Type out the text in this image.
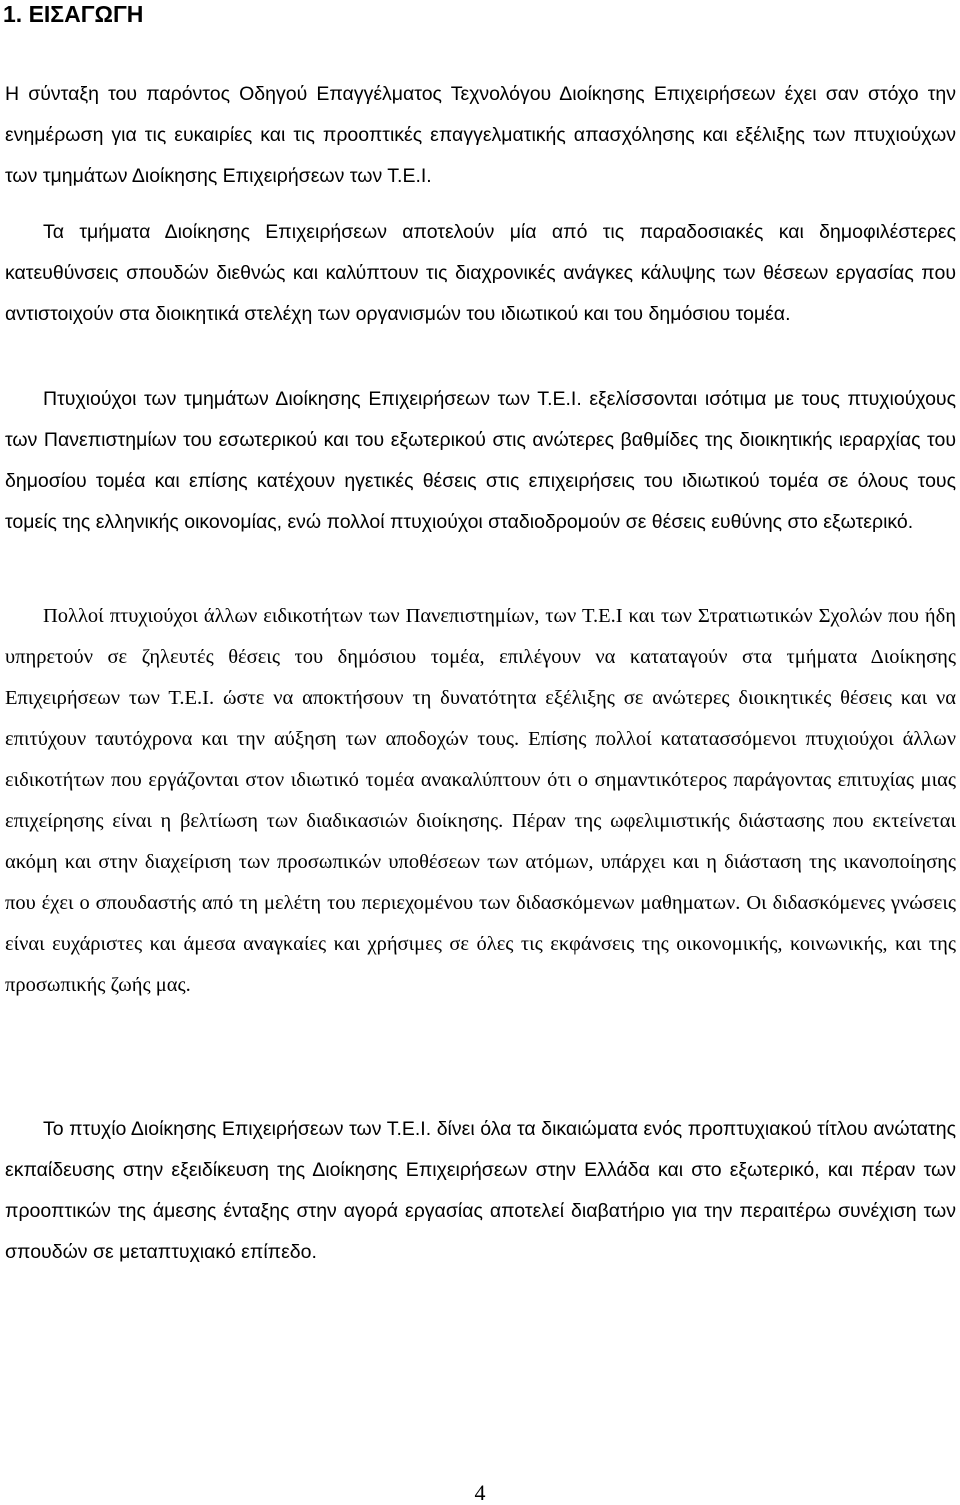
1. ΕΙΣΑΓΩΓΗ

Η σύνταξη του παρόντος Οδηγού Επαγγέλματος Τεχνολόγου Διοίκησης Επιχειρήσεων έχει σαν στόχο την ενημέρωση για τις ευκαιρίες και τις προοπτικές επαγγελματικής απασχόλησης και εξέλιξης των πτυχιούχων των τμημάτων Διοίκησης Επιχειρήσεων των Τ.Ε.Ι.

Τα τμήματα Διοίκησης Επιχειρήσεων αποτελούν μία από τις παραδοσιακές και δημοφιλέστερες κατευθύνσεις σπουδών διεθνώς και καλύπτουν τις διαχρονικές ανάγκες κάλυψης των θέσεων εργασίας που αντιστοιχούν στα διοικητικά στελέχη των οργανισμών του ιδιωτικού και του δημόσιου τομέα.

Πτυχιούχοι των τμημάτων Διοίκησης Επιχειρήσεων των Τ.Ε.Ι. εξελίσσονται ισότιμα με τους πτυχιούχους των Πανεπιστημίων του εσωτερικού και του εξωτερικού στις ανώτερες βαθμίδες της διοικητικής ιεραρχίας του δημοσίου τομέα και επίσης κατέχουν ηγετικές θέσεις στις επιχειρήσεις του ιδιωτικού τομέα σε όλους τους τομείς της ελληνικής οικονομίας, ενώ πολλοί πτυχιούχοι σταδιοδρομούν σε θέσεις ευθύνης στο εξωτερικό.

Πολλοί πτυχιούχοι άλλων ειδικοτήτων των Πανεπιστημίων, των Τ.Ε.Ι και των Στρατιωτικών Σχολών που ήδη υπηρετούν σε ζηλευτές θέσεις του δημόσιου τομέα, επιλέγουν να καταταγούν στα τμήματα Διοίκησης Επιχειρήσεων των Τ.Ε.Ι. ώστε να αποκτήσουν τη δυνατότητα εξέλιξης σε ανώτερες διοικητικές θέσεις και να επιτύχουν ταυτόχρονα και την αύξηση των αποδοχών τους. Επίσης πολλοί κατατασσόμενοι πτυχιούχοι άλλων ειδικοτήτων που εργάζονται στον ιδιωτικό τομέα ανακαλύπτουν ότι ο σημαντικότερος παράγοντας επιτυχίας μιας επιχείρησης είναι η βελτίωση των διαδικασιών διοίκησης. Πέραν της ωφελιμιστικής διάστασης που εκτείνεται ακόμη και στην διαχείριση των προσωπικών υποθέσεων των ατόμων, υπάρχει και η διάσταση της ικανοποίησης που έχει ο σπουδαστής από τη μελέτη του περιεχομένου των διδασκόμενων μαθηματων. Οι διδασκόμενες γνώσεις είναι ευχάριστες και άμεσα αναγκαίες και χρήσιμες σε όλες τις εκφάνσεις της οικονομικής, κοινωνικής, και της προσωπικής ζωής μας.

Το πτυχίο Διοίκησης Επιχειρήσεων των Τ.Ε.Ι. δίνει όλα τα δικαιώματα ενός προπτυχιακού τίτλου ανώτατης εκπαίδευσης στην εξειδίκευση της Διοίκησης Επιχειρήσεων στην Ελλάδα και στο εξωτερικό, και πέραν των προοπτικών της άμεσης ένταξης στην αγορά εργασίας αποτελεί διαβατήριο για την περαιτέρω συνέχιση των σπουδών σε μεταπτυχιακό επίπεδο.

4
